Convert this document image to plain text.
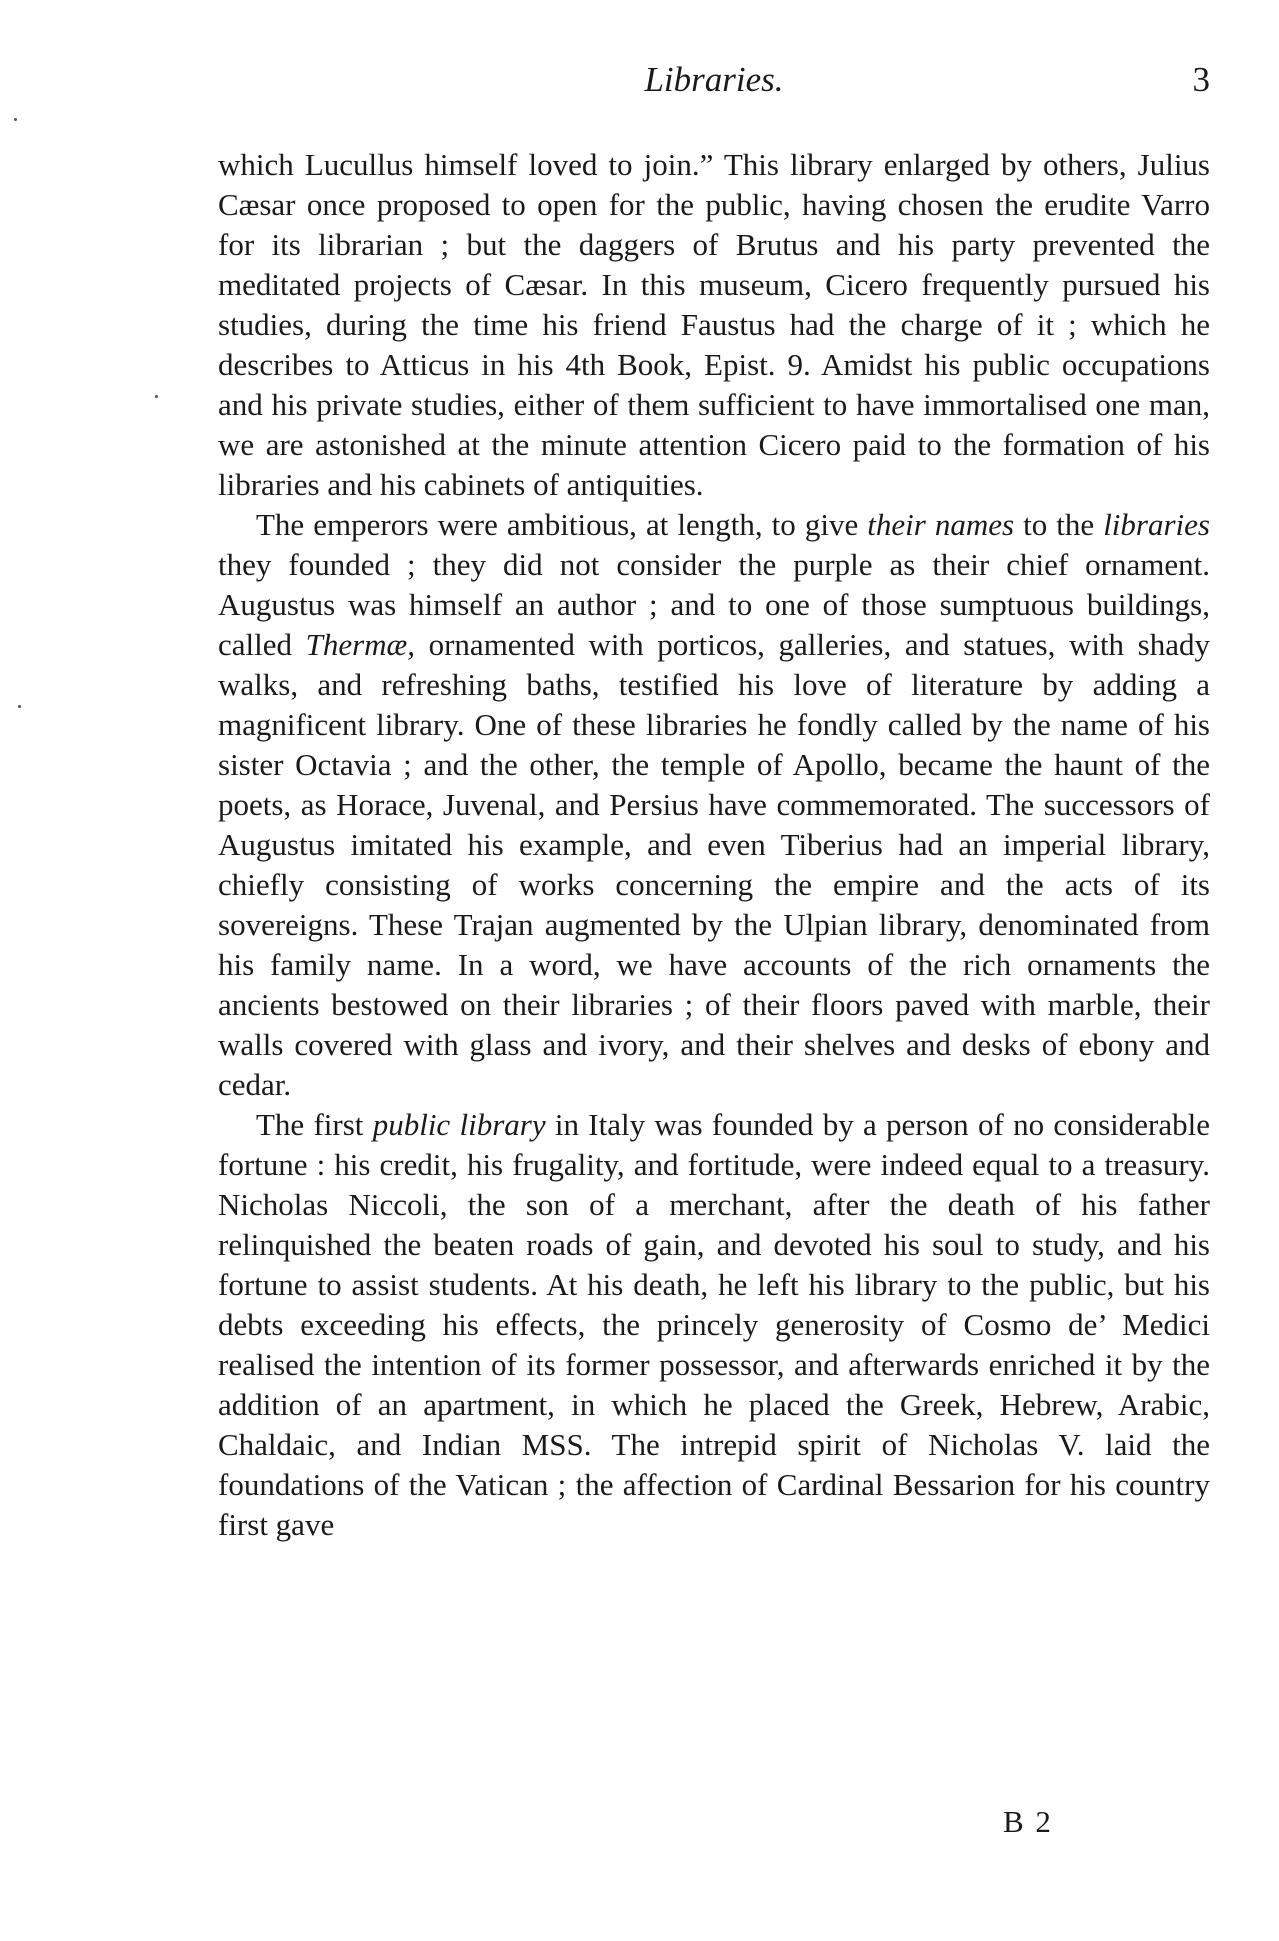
Libraries.	3

which Lucullus himself loved to join.” This library enlarged by others, Julius Cæsar once proposed to open for the public, having chosen the erudite Varro for its librarian ; but the daggers of Brutus and his party prevented the meditated projects of Cæsar. In this museum, Cicero frequently pursued his studies, during the time his friend Faustus had the charge of it ; which he describes to Atticus in his 4th Book, Epist. 9. Amidst his public occupations and his private studies, either of them sufficient to have immortalised one man, we are astonished at the minute attention Cicero paid to the formation of his libraries and his cabinets of antiquities.

The emperors were ambitious, at length, to give their names to the libraries they founded ; they did not consider the purple as their chief ornament. Augustus was himself an author ; and to one of those sumptuous buildings, called Thermæ, ornamented with porticos, galleries, and statues, with shady walks, and refreshing baths, testified his love of literature by adding a magnificent library. One of these libraries he fondly called by the name of his sister Octavia ; and the other, the temple of Apollo, became the haunt of the poets, as Horace, Juvenal, and Persius have commemorated. The successors of Augustus imitated his example, and even Tiberius had an imperial library, chiefly consisting of works concerning the empire and the acts of its sovereigns. These Trajan augmented by the Ulpian library, denominated from his family name. In a word, we have accounts of the rich ornaments the ancients bestowed on their libraries ; of their floors paved with marble, their walls covered with glass and ivory, and their shelves and desks of ebony and cedar.

The first public library in Italy was founded by a person of no considerable fortune : his credit, his frugality, and fortitude, were indeed equal to a treasury. Nicholas Niccoli, the son of a merchant, after the death of his father relinquished the beaten roads of gain, and devoted his soul to study, and his fortune to assist students. At his death, he left his library to the public, but his debts exceeding his effects, the princely generosity of Cosmo de’ Medici realised the intention of its former possessor, and afterwards enriched it by the addition of an apartment, in which he placed the Greek, Hebrew, Arabic, Chaldaic, and Indian MSS. The intrepid spirit of Nicholas V. laid the foundations of the Vatican ; the affection of Cardinal Bessarion for his country first gave

B 2
